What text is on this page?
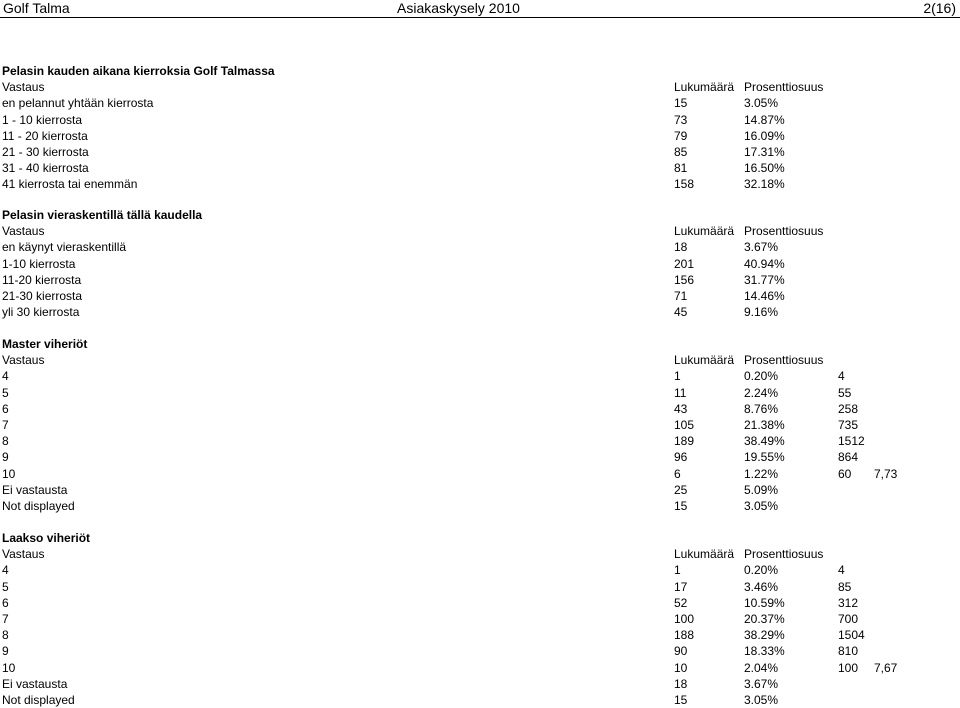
Golf Talma	Asiakaskysely 2010	2(16)
Pelasin kauden aikana kierroksia Golf Talmassa
Vastaus	Lukumäärä Prosenttiosuus
en pelannut yhtään kierrosta	15	3.05%
1 - 10 kierrosta	73	14.87%
11 - 20 kierrosta	79	16.09%
21 - 30 kierrosta	85	17.31%
31 - 40 kierrosta	81	16.50%
41 kierrosta tai enemmän	158	32.18%
Pelasin vieraskentillä tällä kaudella
Vastaus	Lukumäärä Prosenttiosuus
en käynyt vieraskentillä	18	3.67%
1-10 kierrosta	201	40.94%
11-20 kierrosta	156	31.77%
21-30 kierrosta	71	14.46%
yli 30 kierrosta	45	9.16%
Master viheriöt
Vastaus	Lukumäärä Prosenttiosuus
4	1	0.20%	4
5	11	2.24%	55
6	43	8.76%	258
7	105	21.38%	735
8	189	38.49%	1512
9	96	19.55%	864
10	6	1.22%	60 7,73
Ei vastausta	25	5.09%
Not displayed	15	3.05%
Laakso viheriöt
Vastaus	Lukumäärä Prosenttiosuus
4	1	0.20%	4
5	17	3.46%	85
6	52	10.59%	312
7	100	20.37%	700
8	188	38.29%	1504
9	90	18.33%	810
10	10	2.04%	100 7,67
Ei vastausta	18	3.67%
Not displayed	15	3.05%
